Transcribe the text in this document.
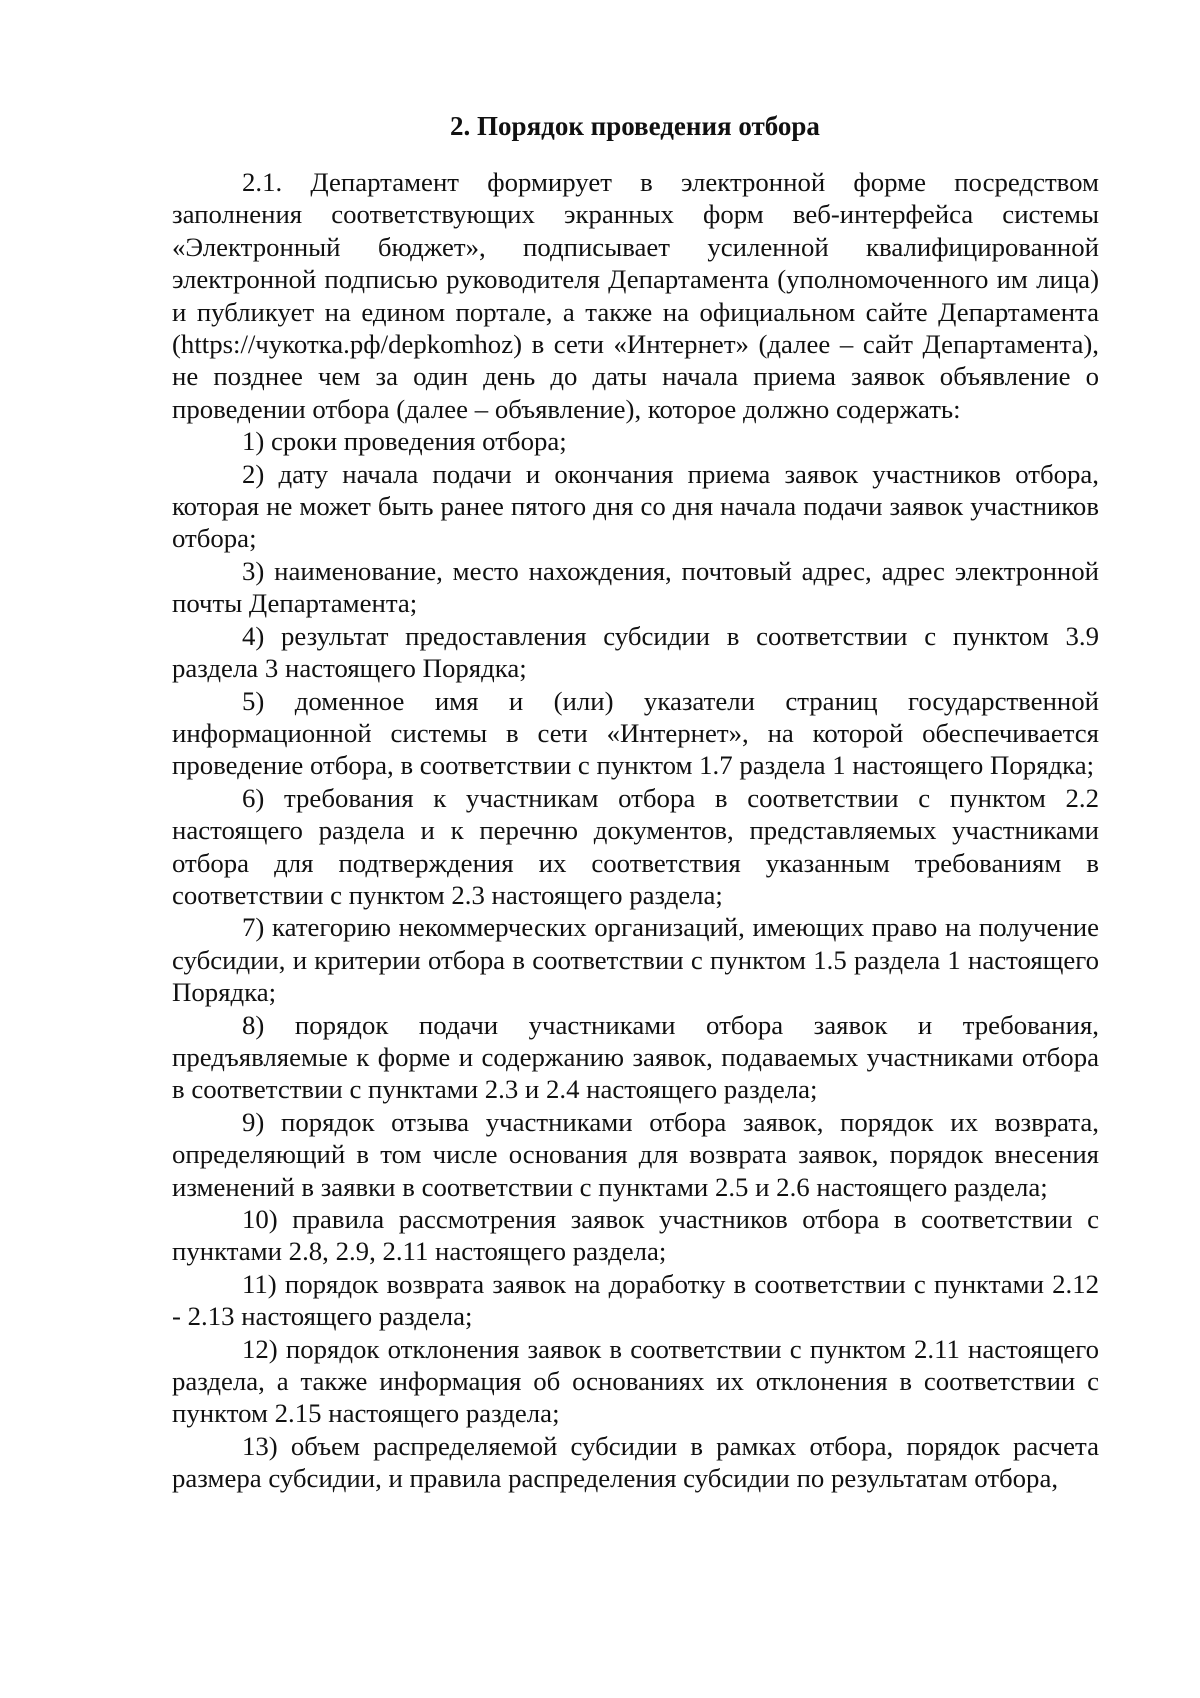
2. Порядок проведения отбора

2.1. Департамент формирует в электронной форме посредством заполнения соответствующих экранных форм веб-интерфейса системы «Электронный бюджет», подписывает усиленной квалифицированной электронной подписью руководителя Департамента (уполномоченного им лица) и публикует на едином портале, а также на официальном сайте Департамента (https://чукотка.рф/depkomhoz) в сети «Интернет» (далее – сайт Департамента), не позднее чем за один день до даты начала приема заявок объявление о проведении отбора (далее – объявление), которое должно содержать:

1) сроки проведения отбора;

2) дату начала подачи и окончания приема заявок участников отбора, которая не может быть ранее пятого дня со дня начала подачи заявок участников отбора;

3) наименование, место нахождения, почтовый адрес, адрес электронной почты Департамента;

4) результат предоставления субсидии в соответствии с пунктом 3.9 раздела 3 настоящего Порядка;

5) доменное имя и (или) указатели страниц государственной информационной системы в сети «Интернет», на которой обеспечивается проведение отбора, в соответствии с пунктом 1.7 раздела 1 настоящего Порядка;

6) требования к участникам отбора в соответствии с пунктом 2.2 настоящего раздела и к перечню документов, представляемых участниками отбора для подтверждения их соответствия указанным требованиям в соответствии с пунктом 2.3 настоящего раздела;

7) категорию некоммерческих организаций, имеющих право на получение субсидии, и критерии отбора в соответствии с пунктом 1.5 раздела 1 настоящего Порядка;

8) порядок подачи участниками отбора заявок и требования, предъявляемые к форме и содержанию заявок, подаваемых участниками отбора в соответствии с пунктами 2.3 и 2.4 настоящего раздела;

9) порядок отзыва участниками отбора заявок, порядок их возврата, определяющий в том числе основания для возврата заявок, порядок внесения изменений в заявки в соответствии с пунктами 2.5 и 2.6 настоящего раздела;

10) правила рассмотрения заявок участников отбора в соответствии с пунктами 2.8, 2.9, 2.11 настоящего раздела;

11) порядок возврата заявок на доработку в соответствии с пунктами 2.12 - 2.13 настоящего раздела;

12) порядок отклонения заявок в соответствии с пунктом 2.11 настоящего раздела, а также информация об основаниях их отклонения в соответствии с пунктом 2.15 настоящего раздела;

13) объем распределяемой субсидии в рамках отбора, порядок расчета размера субсидии, и правила распределения субсидии по результатам отбора,
